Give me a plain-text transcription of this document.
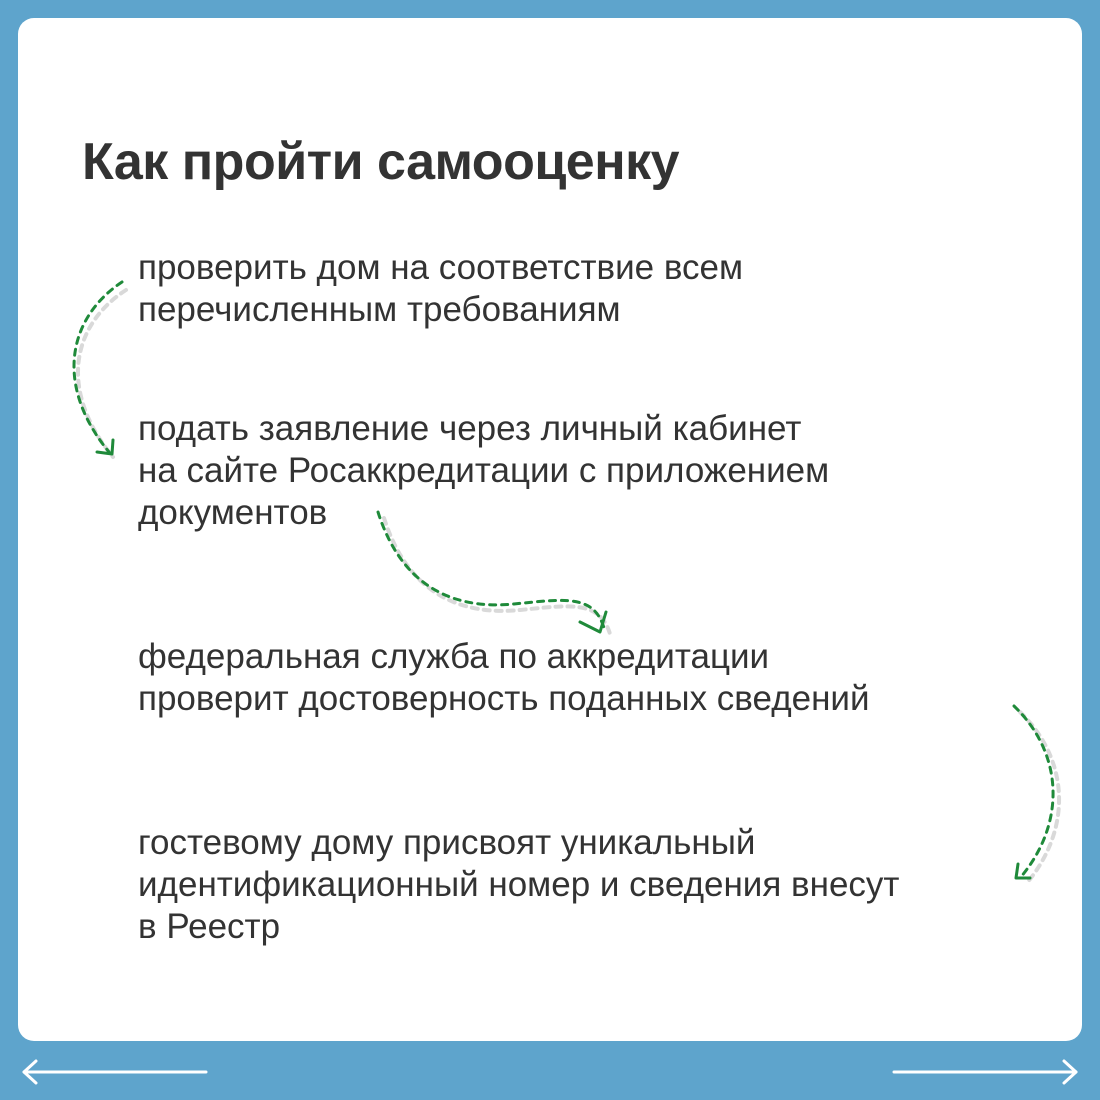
Как пройти самооценку
проверить дом на соответствие всем
перечисленным требованиям
подать заявление через личный кабинет
на сайте Росаккредитации с приложением
документов
федеральная служба по аккредитации
проверит достоверность поданных сведений
гостевому дому присвоят уникальный
идентификационный номер и сведения внесут
в Реестр
